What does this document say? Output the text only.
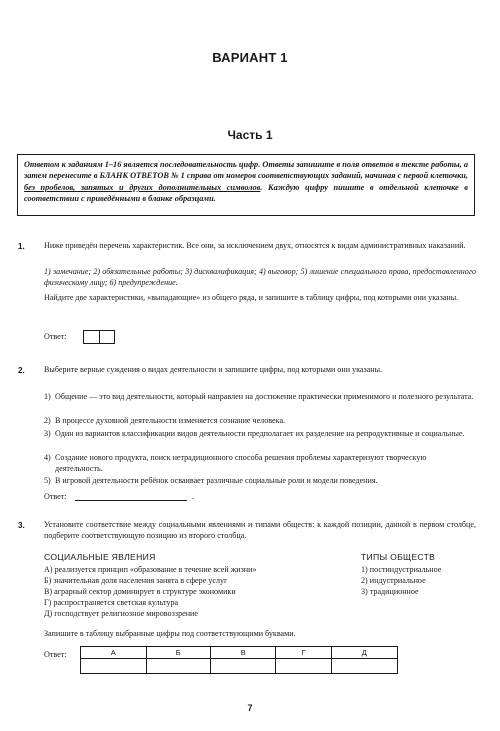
ВАРИАНТ 1
Часть 1
Ответом к заданиям 1–16 является последовательность цифр. Ответы запишите в поля ответов в тексте работы, а затем перенесите в БЛАНК ОТВЕТОВ № 1 справа от номеров соответствующих заданий, начиная с первой клеточки, без пробелов, запятых и других дополнительных символов. Каждую цифру пишите в отдельной клеточке в соответствии с приведёнными в бланке образцами.
1. Ниже приведён перечень характеристик. Все они, за исключением двух, относятся к видам административных наказаний.
1) замечание; 2) обязательные работы; 3) дисквалификация; 4) выговор; 5) лишение специального права, предоставленного физическому лицу; 6) предупреждение.
Найдите две характеристики, «выпадающие» из общего ряда, и запишите в таблицу цифры, под которыми они указаны.
Ответ:
2. Выберите верные суждения о видах деятельности и запишите цифры, под которыми они указаны.
1) Общение — это вид деятельности, который направлен на достижение практически применимого и полезного результата.
2) В процессе духовной деятельности изменяется сознание человека.
3) Один из вариантов классификации видов деятельности предполагает их разделение на репродуктивные и социальные.
4) Создание нового продукта, поиск нетрадиционного способа решения проблемы характеризуют творческую деятельность.
5) В игровой деятельности ребёнок осваивает различные социальные роли и модели поведения.
Ответ:	.
3. Установите соответствие между социальными явлениями и типами обществ: к каждой позиции, данной в первом столбце, подберите соответствующую позицию из второго столбца.
СОЦИАЛЬНЫЕ ЯВЛЕНИЯ	ТИПЫ ОБЩЕСТВ
А) реализуется принцип «образование в течение всей жизни»
Б) значительная доля населения занята в сфере услуг
В) аграрный сектор доминирует в структуре экономики
Г) распространяется светская культура
Д) господствует религиозное мировоззрение
1) постиндустриальное
2) индустриальное
3) традиционное
Запишите в таблицу выбранные цифры под соответствующими буквами.
Ответ:	А	Б	В	Г	Д

7
